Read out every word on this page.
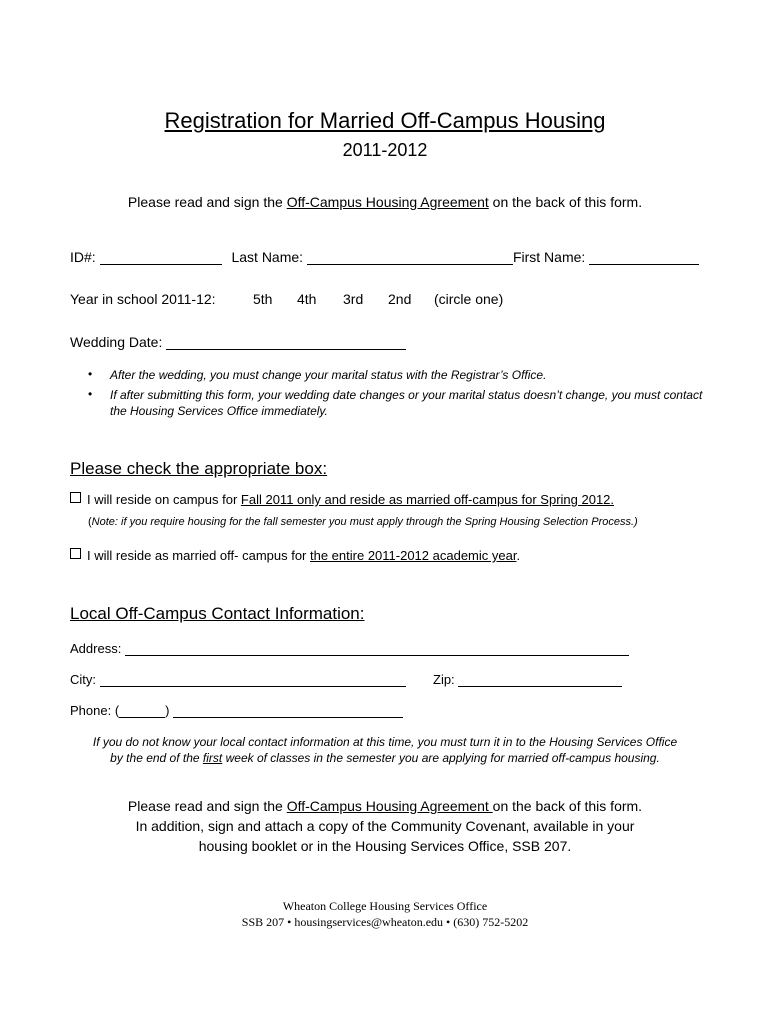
Registration for Married Off-Campus Housing
2011-2012
Please read and sign the Off-Campus Housing Agreement on the back of this form.
ID#:	Last Name:	First Name:
Year in school 2011-12:	5th 4th 3rd 2nd (circle one)
Wedding Date:
•	After the wedding, you must change your marital status with the Registrar’s Office.
•	If after submitting this form, your wedding date changes or your marital status doesn’t change, you must contact the Housing Services Office immediately.
Please check the appropriate box:
I will reside on campus for Fall 2011 only and reside as married off-campus for Spring 2012.
(Note: if you require housing for the fall semester you must apply through the Spring Housing Selection Process.)
I will reside as married off- campus for the entire 2011-2012 academic year.
Local Off-Campus Contact Information:
Address:
City:	Zip:
Phone: (	)
If you do not know your local contact information at this time, you must turn it in to the Housing Services Office
by the end of the first week of classes in the semester you are applying for married off-campus housing.
Please read and sign the Off-Campus Housing Agreement on the back of this form.
In addition, sign and attach a copy of the Community Covenant, available in your
housing booklet or in the Housing Services Office, SSB 207.
Wheaton College Housing Services Office
SSB 207 • housingservices@wheaton.edu • (630) 752-5202
